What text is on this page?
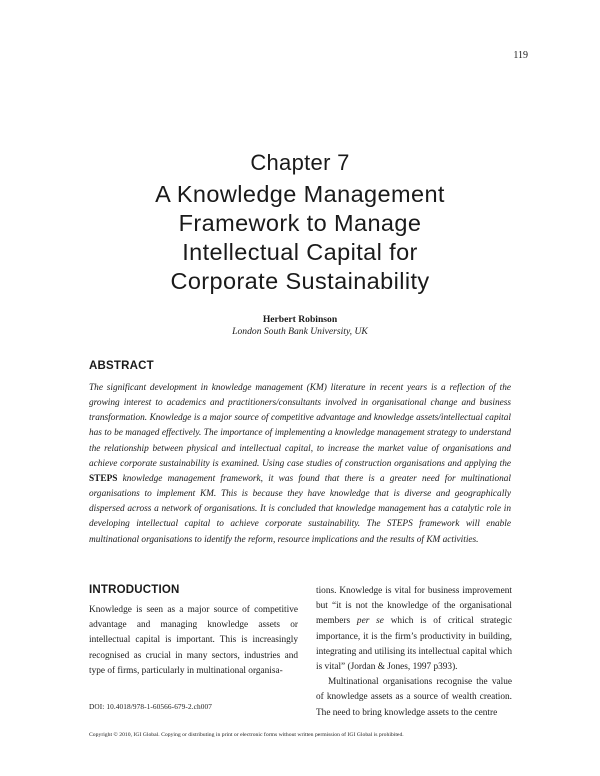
119
Chapter 7
A Knowledge Management
Framework to Manage
Intellectual Capital for
Corporate Sustainability
Herbert Robinson
London South Bank University, UK
ABSTRACT
The significant development in knowledge management (KM) literature in recent years is a reflection of the growing interest to academics and practitioners/consultants involved in organisational change and business transformation. Knowledge is a major source of competitive advantage and knowledge assets/intellectual capital has to be managed effectively. The importance of implementing a knowledge management strategy to understand the relationship between physical and intellectual capital, to increase the market value of organisations and achieve corporate sustainability is examined. Using case studies of construction organisations and applying the STEPS knowledge management framework, it was found that there is a greater need for multinational organisations to implement KM. This is because they have knowledge that is diverse and geographically dispersed across a network of organisations. It is concluded that knowledge management has a catalytic role in developing intellectual capital to achieve corporate sustainability. The STEPS framework will enable multinational organisations to identify the reform, resource implications and the results of KM activities.
INTRODUCTION
Knowledge is seen as a major source of competitive advantage and managing knowledge assets or intellectual capital is important. This is increasingly recognised as crucial in many sectors, industries and type of firms, particularly in multinational organisa-
tions. Knowledge is vital for business improvement but “it is not the knowledge of the organisational members per se which is of critical strategic importance, it is the firm’s productivity in building, integrating and utilising its intellectual capital which is vital” (Jordan & Jones, 1997 p393).
Multinational organisations recognise the value of knowledge assets as a source of wealth creation. The need to bring knowledge assets to the centre
DOI: 10.4018/978-1-60566-679-2.ch007
Copyright © 2010, IGI Global. Copying or distributing in print or electronic forms without written permission of IGI Global is prohibited.
